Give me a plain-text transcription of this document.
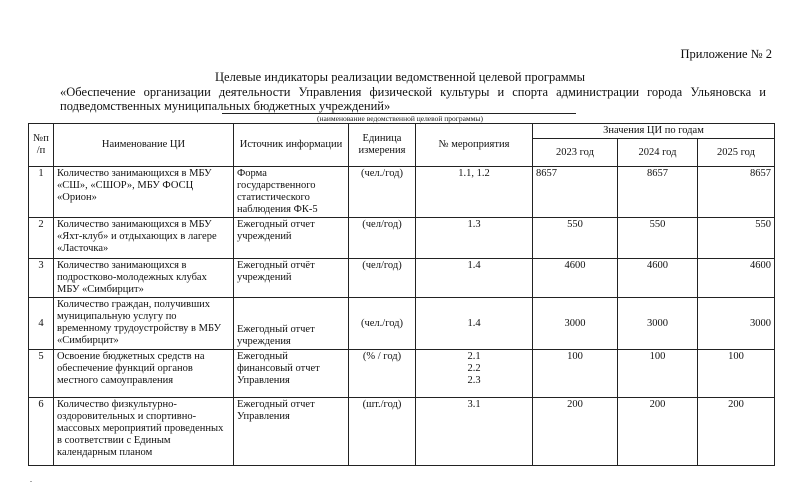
Приложение № 2
Целевые индикаторы реализации ведомственной целевой программы
«Обеспечение организации деятельности Управления физической культуры и спорта администрации города Ульяновска и подведомственных муниципальных бюджетных учреждений»
(наименование ведомственной целевой программы)
№п /п	Наименование ЦИ	Источник информации	Единица измерения	№ мероприятия	Значения ЦИ по годам		
					2023 год	2024 год	2025 год
1	Количество занимающихся в МБУ «СШ», «СШОР», МБУ ФОСЦ «Орион»	Форма государственного статистического наблюдения ФК-5	(чел./год)	1.1, 1.2	8657	8657	8657
2	Количество занимающихся в МБУ «Яхт-клуб» и отдыхающих в лагере «Ласточка»	Ежегодный отчет учреждений	(чел/год)	1.3	550	550	550
3	Количество занимающихся в подростково-молодежных клубах МБУ «Симбирцит»	Ежегодный отчёт учреждений	(чел/год)	1.4	4600	4600	4600
4	Количество граждан, получивших муниципальную услугу по временному трудоустройству в МБУ «Симбирцит»	Ежегодный отчет учреждения	(чел./год)	1.4	3000	3000	3000
5	Освоение бюджетных средств на обеспечение функций органов местного самоуправления	Ежегодный финансовый отчет Управления	(% / год)	2.1
2.2
2.3	100	100	100
6	Количество физкультурно-оздоровительных и спортивно-массовых мероприятий проведенных в соответствии с Единым календарным планом	Ежегодный отчет Управления	(шт./год)	3.1	200	200	200
.
